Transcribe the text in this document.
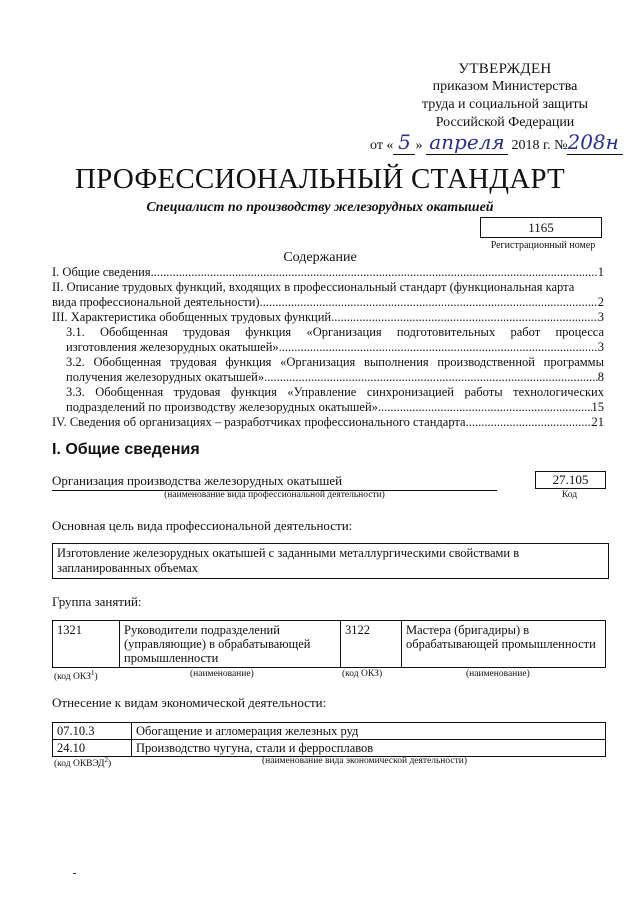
УТВЕРЖДЕН
приказом Министерства
труда и социальной защиты
Российской Федерации
от « 5 » апреля 2018 г. №208н
ПРОФЕССИОНАЛЬНЫЙ СТАНДАРТ
Специалист по производству железорудных окатышей
1165
Регистрационный номер
Содержание
I. Общие сведения .....	1
II. Описание трудовых функций, входящих в профессиональный стандарт (функциональная карта
вида профессиональной деятельности) .....	2
III. Характеристика обобщенных трудовых функций .....	3
3.1. Обобщенная трудовая функция «Организация подготовительных работ процесса
изготовления железорудных окатышей» .....	3
3.2. Обобщенная трудовая функция «Организация выполнения производственной программы
получения железорудных окатышей» .....	8
3.3. Обобщенная трудовая функция «Управление синхронизацией работы технологических
подразделений по производству железорудных окатышей» .....	15
IV. Сведения об организациях – разработчиках профессионального стандарта .....	21
I. Общие сведения
Организация производства железорудных окатышей
(наименование вида профессиональной деятельности)
27.105
Код
Основная цель вида профессиональной деятельности:
Изготовление железорудных окатышей с заданными металлургическими свойствами в
запланированных объемах
Группа занятий:
1321	Руководители подразделений (управляющие) в обрабатывающей промышленности	3122	Мастера (бригадиры) в обрабатывающей промышленности
(код ОКЗ$^1$)	(наименование)	(код ОКЗ)	(наименование)
Отнесение к видам экономической деятельности:
07.10.3	Обогащение и агломерация железных руд
24.10	Производство чугуна, стали и ферросплавов
(код ОКВЭД$^2$)	(наименование вида экономической деятельности)
